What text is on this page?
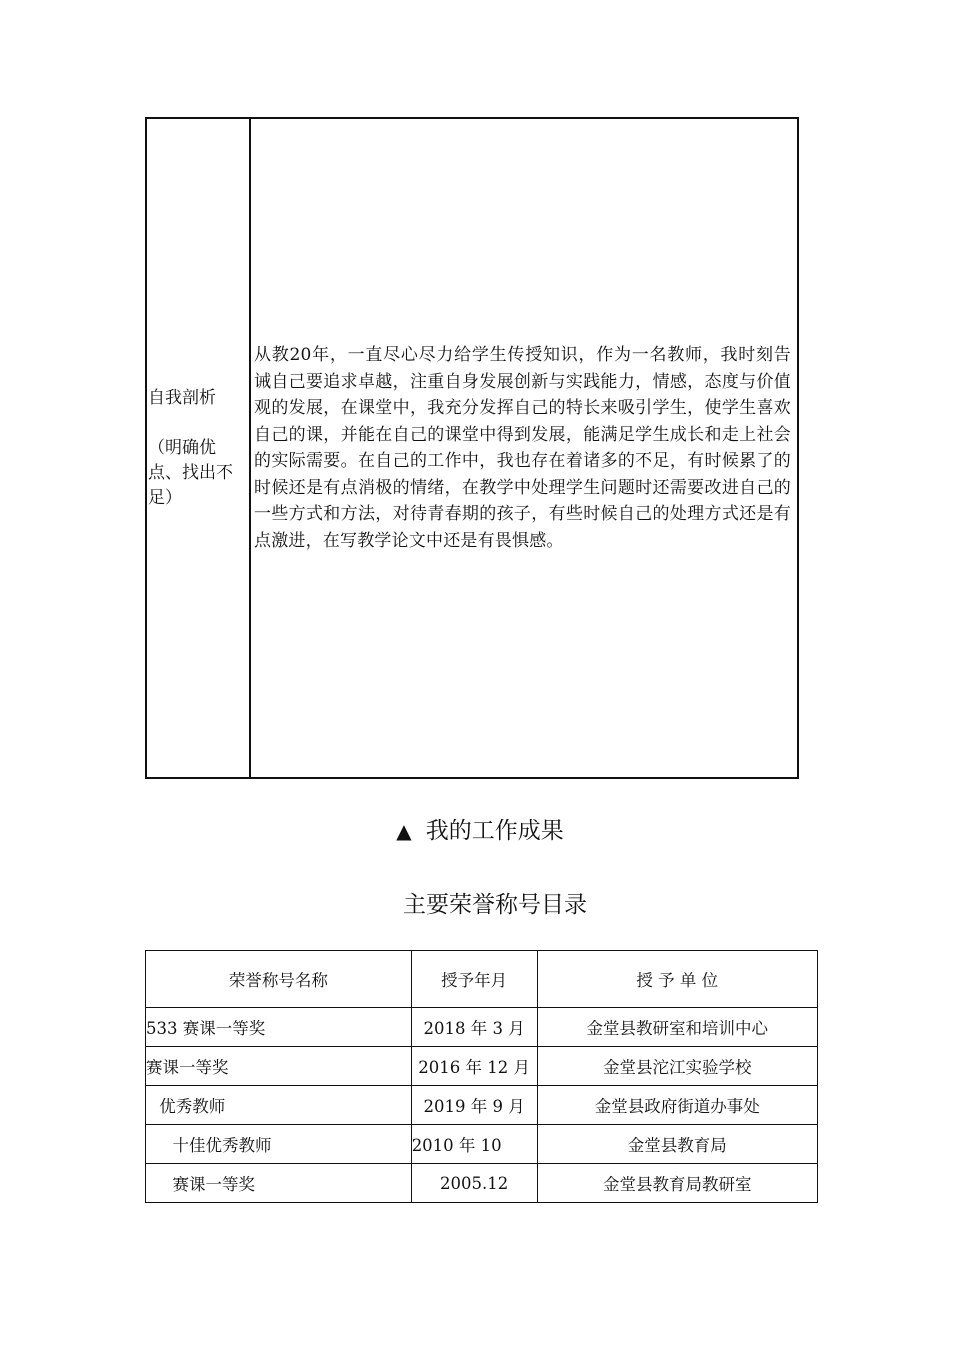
自我剖析
（明确优
点、找出不
足）

从教20年，一直尽心尽力给学生传授知识，作为一名教师，我时刻告诫自己要追求卓越，注重自身发展创新与实践能力，情感，态度与价值观的发展，在课堂中，我充分发挥自己的特长来吸引学生，使学生喜欢自己的课，并能在自己的课堂中得到发展，能满足学生成长和走上社会的实际需要。在自己的工作中，我也存在着诸多的不足，有时候累了的时候还是有点消极的情绪，在教学中处理学生问题时还需要改进自己的一些方式和方法，对待青春期的孩子，有些时候自己的处理方式还是有点激进，在写教学论文中还是有畏惧感。

▲ 我的工作成果
主要荣誉称号目录
荣誉称号名称	授予年月	授 予 单 位
533 赛课一等奖	2018 年 3 月	金堂县教研室和培训中心
赛课一等奖	2016 年 12 月	金堂县沱江实验学校
优秀教师	2019 年 9 月	金堂县政府街道办事处
十佳优秀教师	2010 年 10	金堂县教育局
赛课一等奖	2005.12	金堂县教育局教研室
